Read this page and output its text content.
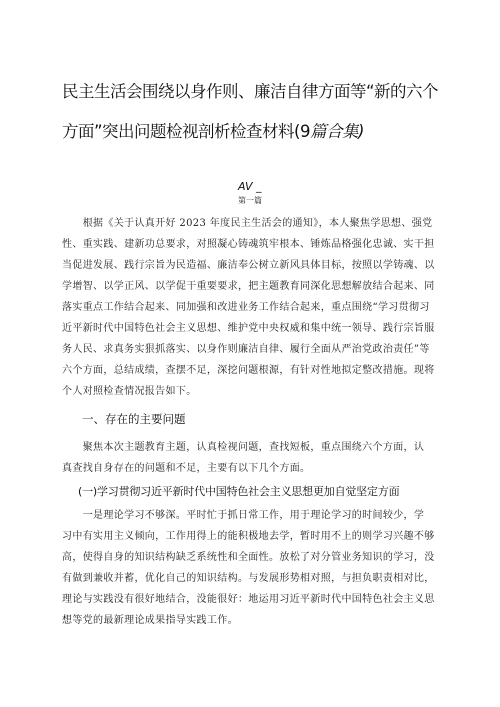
民主生活会围绕以身作则、廉洁自律方面等“新的六个
方面”突出问题检视剖析检查材料(9篇合集)
AV _
第一篇
　　根据《关于认真开好 2023 年度民主生活会的通知》，本人聚焦学思想、强党
性、重实践、建新功总要求，对照凝心铸魂筑牢根本、锤炼品格强化忠诚、实干担
当促进发展、践行宗旨为民造福、廉洁奉公树立新风具体目标，按照以学铸魂、以
学增智、以学正风、以学促干重要要求，把主题教育同深化思想解放结合起来、同
落实重点工作结合起来、同加强和改进业务工作结合起来，重点围绕“学习贯彻习
近平新时代中国特色社会主义思想、维护党中央权威和集中统一领导、践行宗旨服
务人民、求真务实狠抓落实、以身作则廉洁自律、履行全面从严治党政治责任”等
六个方面，总结成绩，查摆不足，深挖问题根源，有针对性地拟定整改措施。现将
个人对照检查情况报告如下。
一、存在的主要问题
　　聚焦本次主题教育主题，认真检视问题，查找短板，重点围绕六个方面，认
真查找自身存在的问题和不足，主要有以下几个方面。
(一)学习贯彻习近平新时代中国特色社会主义思想更加自觉坚定方面
　　一是理论学习不够深。平时忙于抓日常工作，用于理论学习的时间较少，学
习中有实用主义倾向，工作用得上的能积极地去学，暂时用不上的则学习兴趣不够
高，使得自身的知识结构缺乏系统性和全面性。放松了对分管业务知识的学习，没
有做到兼收并蓄，优化自己的知识结构。与发展形势相对照，与担负职责相对比，
理论与实践没有很好地结合，没能很好：地运用习近平新时代中国特色社会主义思
想等党的最新理论成果指导实践工作。
